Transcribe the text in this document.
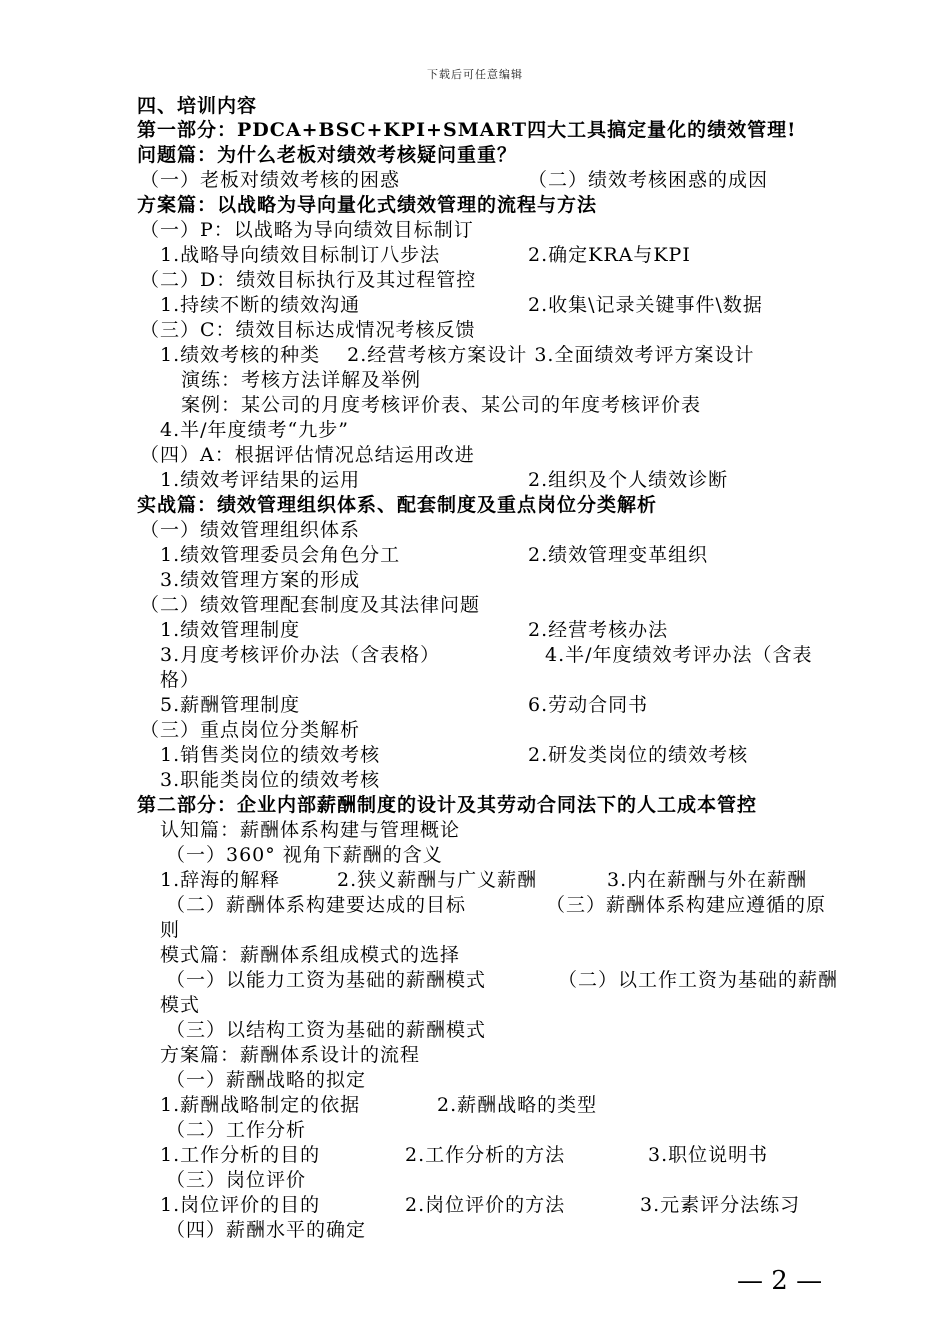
下载后可任意编辑
四、培训内容
第一部分：PDCA+BSC+KPI+SMART四大工具搞定量化的绩效管理!
问题篇：为什么老板对绩效考核疑问重重？
（一）老板对绩效考核的困惑	（二）绩效考核困惑的成因
方案篇：以战略为导向量化式绩效管理的流程与方法
（一）P：以战略为导向绩效目标制订
1.战略导向绩效目标制订八步法	2.确定KRA与KPI
（二）D：绩效目标执行及其过程管控
1.持续不断的绩效沟通	2.收集\记录关键事件\数据
（三）C：绩效目标达成情况考核反馈
1.绩效考核的种类　 2.经营考核方案设计 3.全面绩效考评方案设计
演练：考核方法详解及举例
案例：某公司的月度考核评价表、某公司的年度考核评价表
4.半/年度绩考“九步”
（四）A：根据评估情况总结运用改进
1.绩效考评结果的运用	2.组织及个人绩效诊断
实战篇：绩效管理组织体系、配套制度及重点岗位分类解析
（一）绩效管理组织体系
1.绩效管理委员会角色分工	2.绩效管理变革组织
3.绩效管理方案的形成
（二）绩效管理配套制度及其法律问题
1.绩效管理制度	2.经营考核办法
3.月度考核评价办法（含表格）	4.半/年度绩效考评办法（含表
格）
5.薪酬管理制度	6.劳动合同书
（三）重点岗位分类解析
1.销售类岗位的绩效考核	2.研发类岗位的绩效考核
3.职能类岗位的绩效考核
第二部分：企业内部薪酬制度的设计及其劳动合同法下的人工成本管控
认知篇：薪酬体系构建与管理概论
（一）360° 视角下薪酬的含义
1.辞海的解释	2.狭义薪酬与广义薪酬	3.内在薪酬与外在薪酬
（二）薪酬体系构建要达成的目标	（三）薪酬体系构建应遵循的原
则
模式篇：薪酬体系组成模式的选择
（一）以能力工资为基础的薪酬模式	（二）以工作工资为基础的薪酬
模式
（三）以结构工资为基础的薪酬模式
方案篇：薪酬体系设计的流程
（一）薪酬战略的拟定
1.薪酬战略制定的依据	2.薪酬战略的类型
（二）工作分析
1.工作分析的目的	2.工作分析的方法	3.职位说明书
（三）岗位评价
1.岗位评价的目的	2.岗位评价的方法	3.元素评分法练习
（四）薪酬水平的确定
— 2 —
